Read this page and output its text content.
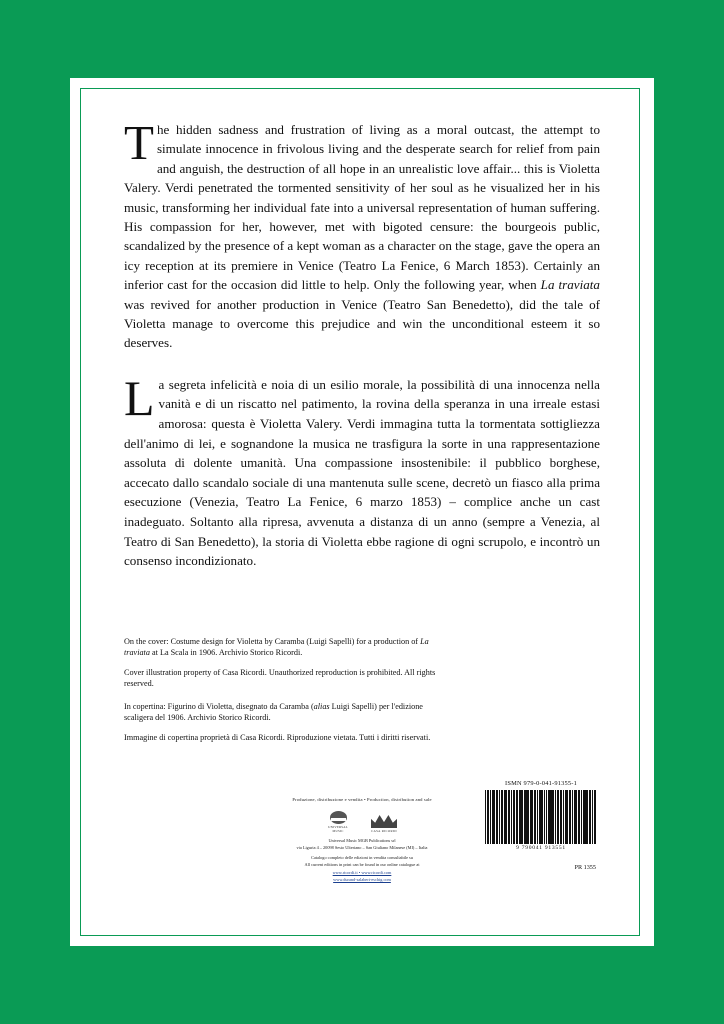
The hidden sadness and frustration of living as a moral outcast, the attempt to simulate innocence in frivolous living and the desperate search for relief from pain and anguish, the destruction of all hope in an unrealistic love affair... this is Violetta Valery. Verdi penetrated the tormented sensitivity of her soul as he visualized her in his music, transforming her individual fate into a universal representation of human suffering. His compassion for her, however, met with bigoted censure: the bourgeois public, scandalized by the presence of a kept woman as a character on the stage, gave the opera an icy reception at its premiere in Venice (Teatro La Fenice, 6 March 1853). Certainly an inferior cast for the occasion did little to help. Only the following year, when La traviata was revived for another production in Venice (Teatro San Benedetto), did the tale of Violetta manage to overcome this prejudice and win the unconditional esteem it so deserves.

La segreta infelicità e noia di un esilio morale, la possibilità di una innocenza nella vanità e di un riscatto nel patimento, la rovina della speranza in una irreale estasi amorosa: questa è Violetta Valery. Verdi immagina tutta la tormentata sottigliezza dell'animo di lei, e sognandone la musica ne trasfigura la sorte in una rappresentazione assoluta di dolente umanità. Una compassione insostenibile: il pubblico borghese, accecato dallo scandalo sociale di una mantenuta sulle scene, decretò un fiasco alla prima esecuzione (Venezia, Teatro La Fenice, 6 marzo 1853) – complice anche un cast inadeguato. Soltanto alla ripresa, avvenuta a distanza di un anno (sempre a Venezia, al Teatro di San Benedetto), la storia di Violetta ebbe ragione di ogni scrupolo, e incontrò un consenso incondizionato.

On the cover: Costume design for Violetta by Caramba (Luigi Sapelli) for a production of La traviata at La Scala in 1906. Archivio Storico Ricordi.

Cover illustration property of Casa Ricordi. Unauthorized reproduction is prohibited. All rights reserved.

In copertina: Figurino di Violetta, disegnato da Caramba (alias Luigi Sapelli) per l'edizione scaligera del 1906. Archivio Storico Ricordi.

Immagine di copertina proprietà di Casa Ricordi. Riproduzione vietata. Tutti i diritti riservati.

Produzione, distribuzione e vendita • Production, distribution and sale

UNIVERSAL MUSIC	CASA RICORDI

Universal Music MGB Publications srl

via Liguria 4 – 20098 Sesto Ulteriano – San Giuliano Milanese (MI) – Italia

Catalogo completo delle edizioni in vendita consultabile su

All current editions in print can be found in our online catalogue at

www.ricordi.it • www.ricordi.com
www.durand-salabert-eschig.com
ISMN 979-0-041-91355-1
9 790041 913551
PR 1355
